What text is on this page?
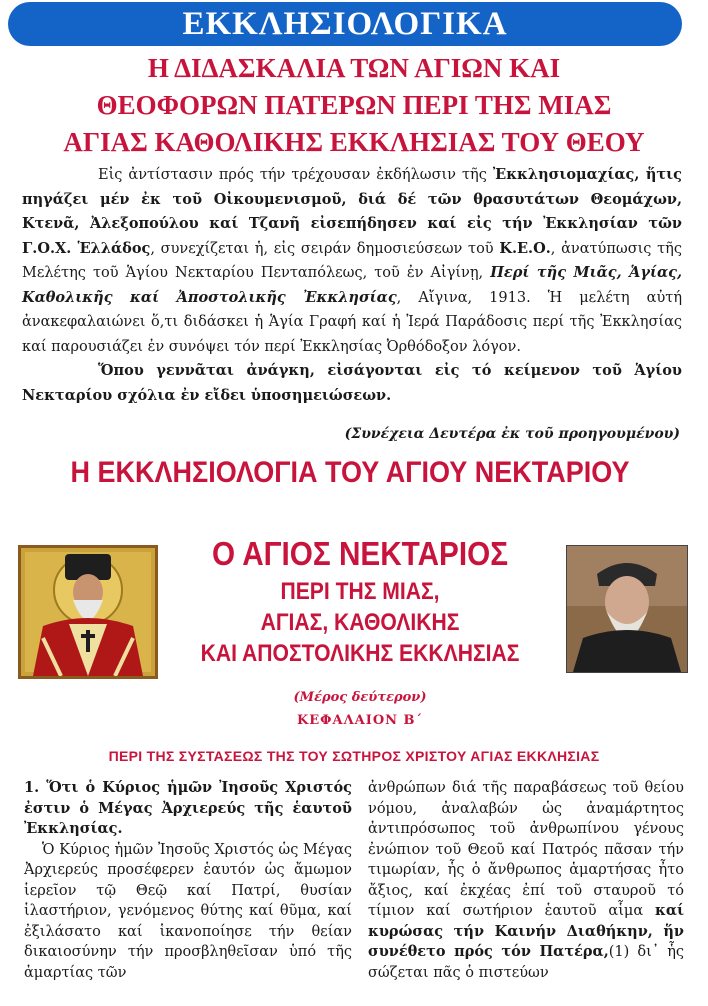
ΕΚΚΛΗΣΙΟΛΟΓΙΚΑ
Η ΔΙΔΑΣΚΑΛΙΑ ΤΩΝ ΑΓΙΩΝ ΚΑΙ
ΘΕΟΦΟΡΩΝ ΠΑΤΕΡΩΝ ΠΕΡΙ ΤΗΣ ΜΙΑΣ
ΑΓΙΑΣ ΚΑΘΟΛΙΚΗΣ ΕΚΚΛΗΣΙΑΣ ΤΟΥ ΘΕΟΥ

Εἰς ἀντίστασιν πρός τήν τρέχουσαν ἐκδήλωσιν τῆς Ἐκκλησιομαχίας, ἥτις πηγάζει μέν ἐκ τοῦ Οἰκουμενισμοῦ, διά δέ τῶν θρασυτάτων Θεομάχων, Κτενᾶ, Ἀλεξοπούλου καί Τζανῆ εἰσεπήδησεν καί εἰς τήν Ἐκκλησίαν τῶν Γ.Ο.Χ. Ἑλλάδος, συνεχίζεται ἡ, εἰς σειράν δημοσιεύσεων τοῦ Κ.Ε.Ο., ἀνατύπωσις τῆς Μελέτης τοῦ Ἁγίου Νεκταρίου Πενταπόλεως, τοῦ ἐν Αἰγίνῃ, Περί τῆς Μιᾶς, Ἁγίας, Καθολικῆς καί Ἀποστολικῆς Ἐκκλησίας, Αἴγινα, 1913. Ἡ μελέτη αὐτή ἀνακεφαλαιώνει ὅ,τι διδάσκει ἡ Ἁγία Γραφή καί ἡ Ἱερά Παράδοσις περί τῆς Ἐκκλησίας καί παρουσιάζει ἐν συνόψει τόν περί Ἐκκλησίας Ὀρθόδοξον λόγον.

Ὅπου γεννᾶται ἀνάγκη, εἰσάγονται εἰς τό κείμενον τοῦ Ἁγίου Νεκταρίου σχόλια ἐν εἴδει ὑποσημειώσεων.

(Συνέχεια Δευτέρα ἐκ τοῦ προηγουμένου)
Η ΕΚΚΛΗΣΙΟΛΟΓΙΑ ΤΟΥ ΑΓΙΟΥ ΝΕΚΤΑΡΙΟΥ
Ο ΑΓΙΟΣ ΝΕΚΤΑΡΙΟΣ
ΠΕΡΙ ΤΗΣ ΜΙΑΣ,
ΑΓΙΑΣ, ΚΑΘΟΛΙΚΗΣ
ΚΑΙ ΑΠΟΣΤΟΛΙΚΗΣ ΕΚΚΛΗΣΙΑΣ
(Μέρος δεύτερον)
ΚΕΦΑΛΑΙΟΝ Β΄
ΠΕΡΙ ΤΗΣ ΣΥΣΤΑΣΕΩΣ ΤΗΣ ΤΟΥ ΣΩΤΗΡΟΣ ΧΡΙΣΤΟΥ ΑΓΙΑΣ ΕΚΚΛΗΣΙΑΣ

1. Ὅτι ὁ Κύριος ἡμῶν Ἰησοῦς Χριστός ἐστιν ὁ Μέγας Ἀρχιερεύς τῆς ἑαυτοῦ Ἐκκλησίας.

Ὁ Κύριος ἡμῶν Ἰησοῦς Χριστός ὡς Μέγας Ἀρχιερεύς προσέφερεν ἑαυτόν ὡς ἄμωμον ἱερεῖον τῷ Θεῷ καί Πατρί, θυσίαν ἱλαστήριον, γενόμενος θύτης καί θῦμα, καί ἐξιλάσατο καί ἱκανοποίησε τήν θείαν δικαιοσύνην τήν προσβληθεῖσαν ὑπό τῆς ἁμαρτίας τῶν

ἀνθρώπων διά τῆς παραβάσεως τοῦ θείου νόμου, ἀναλαβών ὡς ἀναμάρτητος ἀντιπρόσωπος τοῦ ἀνθρωπίνου γένους ἐνώπιον τοῦ Θεοῦ καί Πατρός πᾶσαν τήν τιμωρίαν, ἧς ὁ ἄνθρωπος ἁμαρτήσας ἦτο ἄξιος, καί ἐκχέας ἐπί τοῦ σταυροῦ τό τίμιον καί σωτήριον ἑαυτοῦ αἷμα καί κυρώσας τήν Καινήν Διαθήκην, ἥν συνέθετο πρός τόν Πατέρα,(1) δι᾽ ἧς σώζεται πᾶς ὁ πιστεύων
